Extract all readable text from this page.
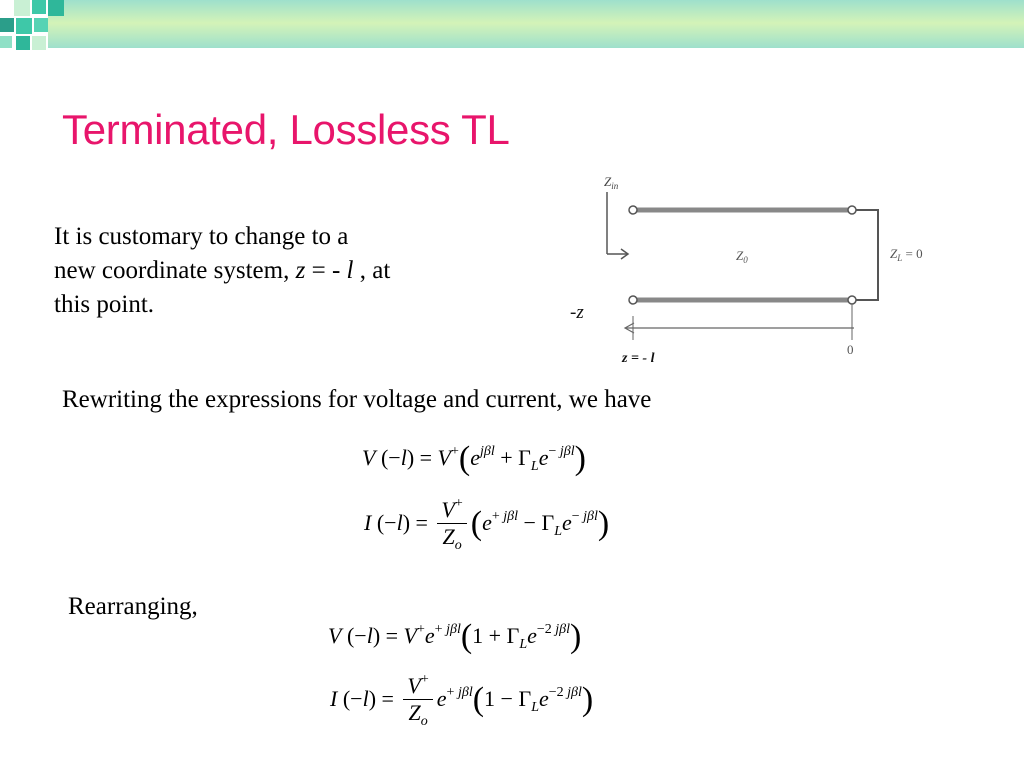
Terminated, Lossless TL
It is customary to change to a
new coordinate system, z = - l , at
this point.
$Z_{in}$
$Z_0$	$Z_L = 0$
-z
0
z = - l
Rewriting the expressions for voltage and current, we have
V $(-l) = V^+(e^{j\beta l} + \Gamma_Le^{- j\beta l})$
I $(-l) = \frac{V^+}{Z_o} (e^{+ j\beta l} - \Gamma_Le^{- j\beta l})$
Rearranging,
V $(-l) = V^+e^{+ j\beta l}(1 + \Gamma_Le^{-2 j\beta l})$
I $(-l) = \frac{V^+}{Z_o} e^{+ j\beta l}(1 - \Gamma_Le^{-2 j\beta l})$
